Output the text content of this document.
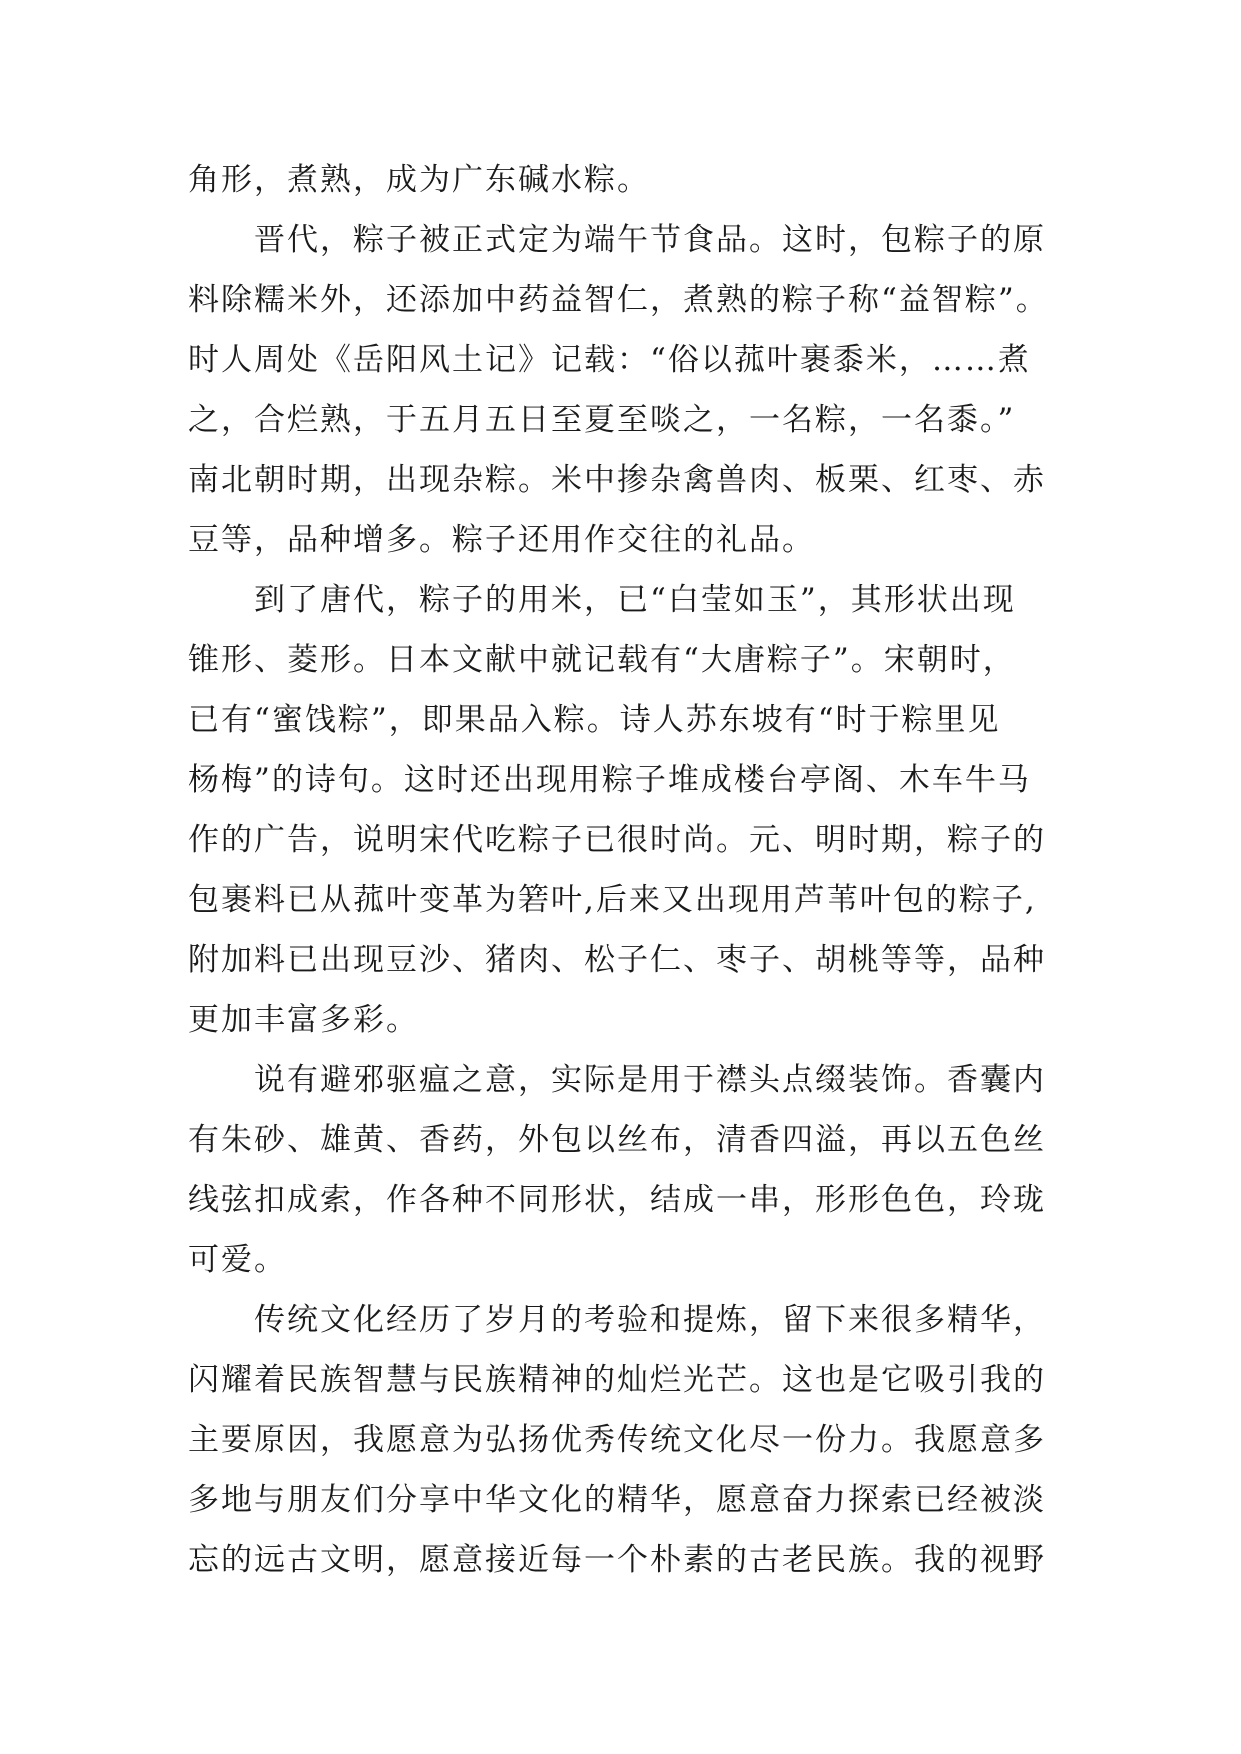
角形，煮熟，成为广东碱水粽。
　　晋代，粽子被正式定为端午节食品。这时，包粽子的原
料除糯米外，还添加中药益智仁，煮熟的粽子称“益智粽”。
时人周处《岳阳风土记》记载：“俗以菰叶裹黍米，……煮
之，合烂熟，于五月五日至夏至啖之，一名粽，一名黍。”
南北朝时期，出现杂粽。米中掺杂禽兽肉、板栗、红枣、赤
豆等，品种增多。粽子还用作交往的礼品。
　　到了唐代，粽子的用米，已“白莹如玉”，其形状出现
锥形、菱形。日本文献中就记载有“大唐粽子”。宋朝时，
已有“蜜饯粽”，即果品入粽。诗人苏东坡有“时于粽里见
杨梅”的诗句。这时还出现用粽子堆成楼台亭阁、木车牛马
作的广告，说明宋代吃粽子已很时尚。元、明时期，粽子的
包裹料已从菰叶变革为箬叶,后来又出现用芦苇叶包的粽子,
附加料已出现豆沙、猪肉、松子仁、枣子、胡桃等等，品种
更加丰富多彩。
　　说有避邪驱瘟之意，实际是用于襟头点缀装饰。香囊内
有朱砂、雄黄、香药，外包以丝布，清香四溢，再以五色丝
线弦扣成索，作各种不同形状，结成一串，形形色色，玲珑
可爱。
　　传统文化经历了岁月的考验和提炼，留下来很多精华，
闪耀着民族智慧与民族精神的灿烂光芒。这也是它吸引我的
主要原因，我愿意为弘扬优秀传统文化尽一份力。我愿意多
多地与朋友们分享中华文化的精华，愿意奋力探索已经被淡
忘的远古文明，愿意接近每一个朴素的古老民族。我的视野
